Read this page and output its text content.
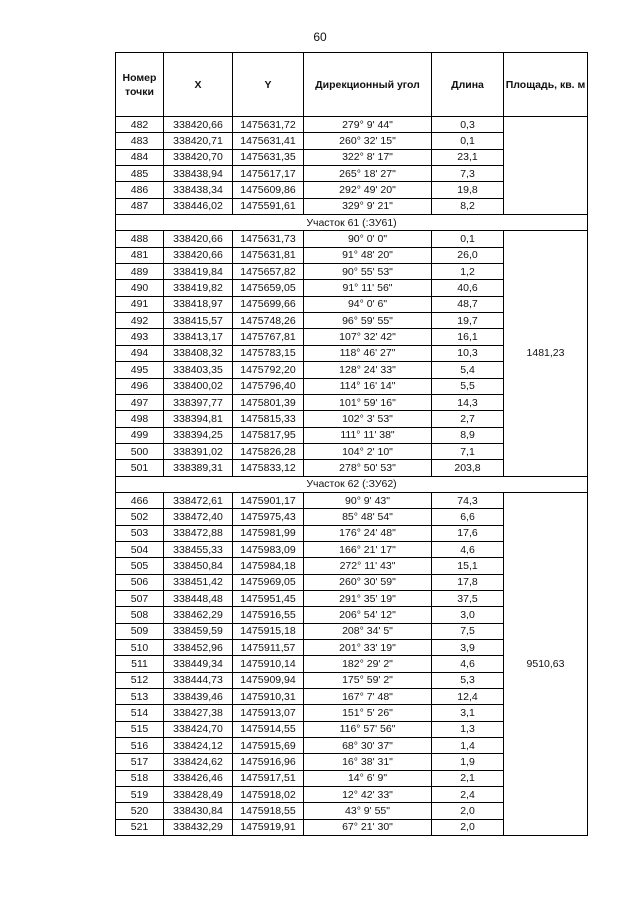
60
Номер точки	X	Y	Дирекционный угол	Длина	Площадь, кв. м
482	338420,66	1475631,72	279° 9' 44"	0,3	
483	338420,71	1475631,41	260° 32' 15"	0,1	
484	338420,70	1475631,35	322° 8' 17"	23,1	
485	338438,94	1475617,17	265° 18' 27"	7,3	
486	338438,34	1475609,86	292° 49' 20"	19,8	
487	338446,02	1475591,61	329° 9' 21"	8,2	
Участок 61 (:ЗУ61)					
488	338420,66	1475631,73	90° 0' 0"	0,1	1481,23
481	338420,66	1475631,81	91° 48' 20"	26,0	
489	338419,84	1475657,82	90° 55' 53"	1,2	
490	338419,82	1475659,05	91° 11' 56"	40,6	
491	338418,97	1475699,66	94° 0' 6"	48,7	
492	338415,57	1475748,26	96° 59' 55"	19,7	
493	338413,17	1475767,81	107° 32' 42"	16,1	
494	338408,32	1475783,15	118° 46' 27"	10,3	
495	338403,35	1475792,20	128° 24' 33"	5,4	
496	338400,02	1475796,40	114° 16' 14"	5,5	
497	338397,77	1475801,39	101° 59' 16"	14,3	
498	338394,81	1475815,33	102° 3' 53"	2,7	
499	338394,25	1475817,95	111° 11' 38"	8,9	
500	338391,02	1475826,28	104° 2' 10"	7,1	
501	338389,31	1475833,12	278° 50' 53"	203,8	
Участок 62 (:ЗУ62)					
466	338472,61	1475901,17	90° 9' 43"	74,3	9510,63
502	338472,40	1475975,43	85° 48' 54"	6,6	
503	338472,88	1475981,99	176° 24' 48"	17,6	
504	338455,33	1475983,09	166° 21' 17"	4,6	
505	338450,84	1475984,18	272° 11' 43"	15,1	
506	338451,42	1475969,05	260° 30' 59"	17,8	
507	338448,48	1475951,45	291° 35' 19"	37,5	
508	338462,29	1475916,55	206° 54' 12"	3,0	
509	338459,59	1475915,18	208° 34' 5"	7,5	
510	338452,96	1475911,57	201° 33' 19"	3,9	
511	338449,34	1475910,14	182° 29' 2"	4,6	
512	338444,73	1475909,94	175° 59' 2"	5,3	
513	338439,46	1475910,31	167° 7' 48"	12,4	
514	338427,38	1475913,07	151° 5' 26"	3,1	
515	338424,70	1475914,55	116° 57' 56"	1,3	
516	338424,12	1475915,69	68° 30' 37"	1,4	
517	338424,62	1475916,96	16° 38' 31"	1,9	
518	338426,46	1475917,51	14° 6' 9"	2,1	
519	338428,49	1475918,02	12° 42' 33"	2,4	
520	338430,84	1475918,55	43° 9' 55"	2,0	
521	338432,29	1475919,91	67° 21' 30"	2,0	
